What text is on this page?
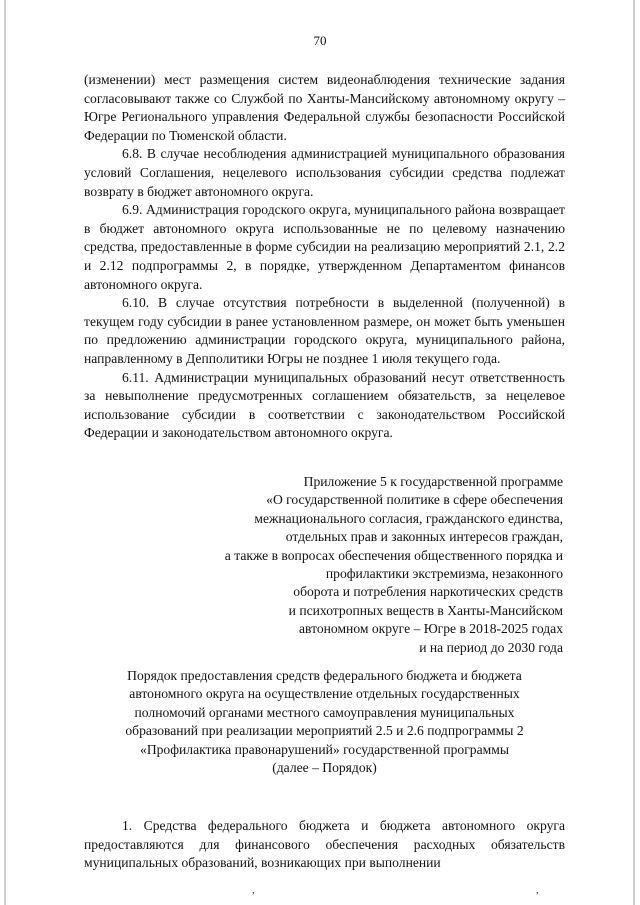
70

(изменении) мест размещения систем видеонаблюдения технические задания согласовывают также со Службой по Ханты-Мансийскому автономному округу – Югре Регионального управления Федеральной службы безопасности Российской Федерации по Тюменской области.

6.8. В случае несоблюдения администрацией муниципального образования условий Соглашения, нецелевого использования субсидии средства подлежат возврату в бюджет автономного округа.

6.9. Администрация городского округа, муниципального района возвращает в бюджет автономного округа использованные не по целевому назначению средства, предоставленные в форме субсидии на реализацию мероприятий 2.1, 2.2 и 2.12 подпрограммы 2, в порядке, утвержденном Департаментом финансов автономного округа.

6.10. В случае отсутствия потребности в выделенной (полученной) в текущем году субсидии в ранее установленном размере, он может быть уменьшен по предложению администрации городского округа, муниципального района, направленному в Депполитики Югры не позднее 1 июля текущего года.

6.11. Администрации муниципальных образований несут ответственность за невыполнение предусмотренных соглашением обязательств, за нецелевое использование субсидии в соответствии с законодательством Российской Федерации и законодательством автономного округа.

Приложение 5 к государственной программе
«О государственной политике в сфере обеспечения
межнационального согласия, гражданского единства,
отдельных прав и законных интересов граждан,
а также в вопросах обеспечения общественного порядка и
профилактики экстремизма, незаконного
оборота и потребления наркотических средств
и психотропных веществ в Ханты-Мансийском
автономном округе – Югре в 2018-2025 годах
и на период до 2030 года

Порядок предоставления средств федерального бюджета и бюджета
автономного округа на осуществление отдельных государственных
полномочий органами местного самоуправления муниципальных
образований при реализации мероприятий 2.5 и 2.6 подпрограммы 2
«Профилактика правонарушений» государственной программы
(далее – Порядок)

1. Средства федерального бюджета и бюджета автономного округа предоставляются для финансового обеспечения расходных обязательств муниципальных образований, возникающих при выполнении

,	,
